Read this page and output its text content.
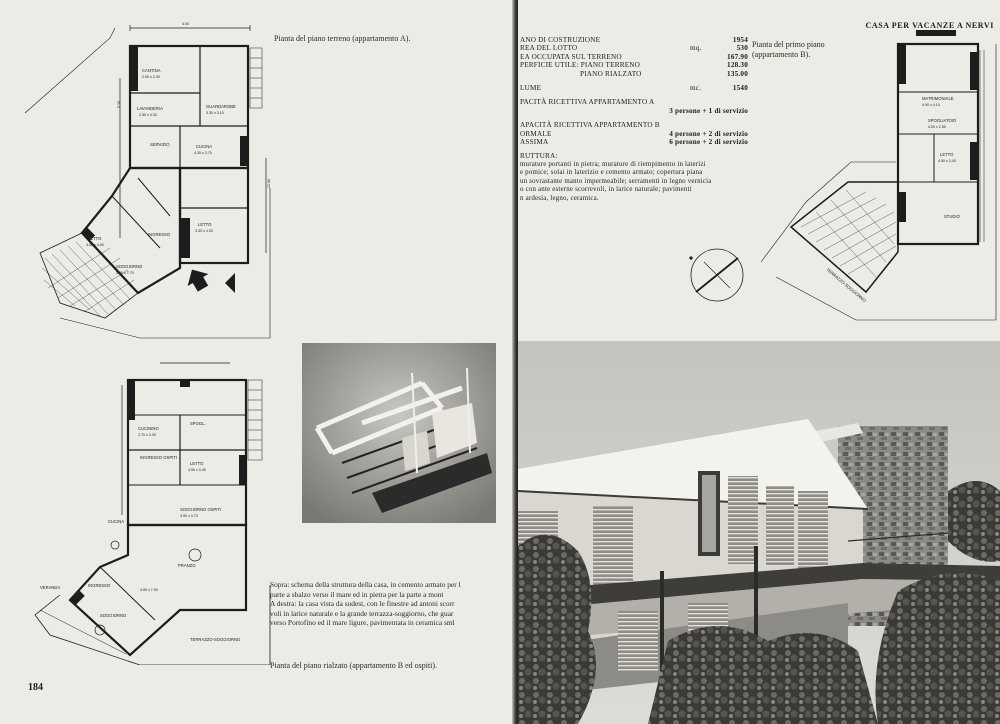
CANTINA
2.90 x 2.30
LAVANDERIA
2.50 x 4.30
GUARDAROBE
3.30 x 3.10
SERVIZIO	CUCINA
4.30 x 3.70
LETTO
3.30 x 4.30
LETTO
4.00 x 4.90
INGRESSO
SOGGIORNO
5.60 x 7.70
4.00
22.00
5.30
Pianta del piano terreno (appartamento A).
CUCININO
2.70 x 3.30
SPOGL.
INGRESSO OSPITI
LETTO
4.90 x 3.40
SOGGIORNO OSPITI
4.90 x 3.70
PRANZO
CUCINA
VERANDA	INGRESSO
SOGGIORNO
4.50 x 7.90
TERRAZZO-SOGGIORNO
Sopra: schema della struttura della casa, in cemento armato per l
parte a sbalzo verso il mare ed in pietra per la parte a mont
A destra: la casa vista da sudest, con le finestre ad antoni scorr
voli in larice naturale e la grande terrazza-soggiorno, che guar
verso Portofino ed il mare ligure, pavimentata in ceramica sml
Pianta del piano rialzato (appartamento B ed ospiti).
184
CASA PER VACANZE A NERVI
ANO DI COSTRUZIONE	1954
REA DEL LOTTO	mq.	530
EA OCCUPATA SUL TERRENO	167.90
PERFICIE UTILE: PIANO TERRENO	128.30
PIANO RIALZATO	135.00
LUME	mc.	1540
PACITÀ RICETTIVA APPARTAMENTO A
3 persone + 1 di servizio
APACITÀ RICETTIVA APPARTAMENTO B
ORMALE	4 persone + 2 di servizio
ASSIMA	6 persone + 2 di servizio
RUTTURA:
murature portanti in pietra; murature di riempimento in laterizi
e pomice; solai in laterizio e cemento armato; copertura piana
un sovrastante manto impermeabile; serramenti in legno vernicia
o con ante esterne scorrevoli, in larice naturale; pavimenti
n ardesia, legno, ceramica.
Pianta del primo piano
(appartamento B).
MATRIMONIALE
4.90 x 4.10
SPOGLIATOIO
4.00 x 2.50
LETTO
4.50 x 3.40
STUDIO
TERRAZZO-SOGGIORNO
